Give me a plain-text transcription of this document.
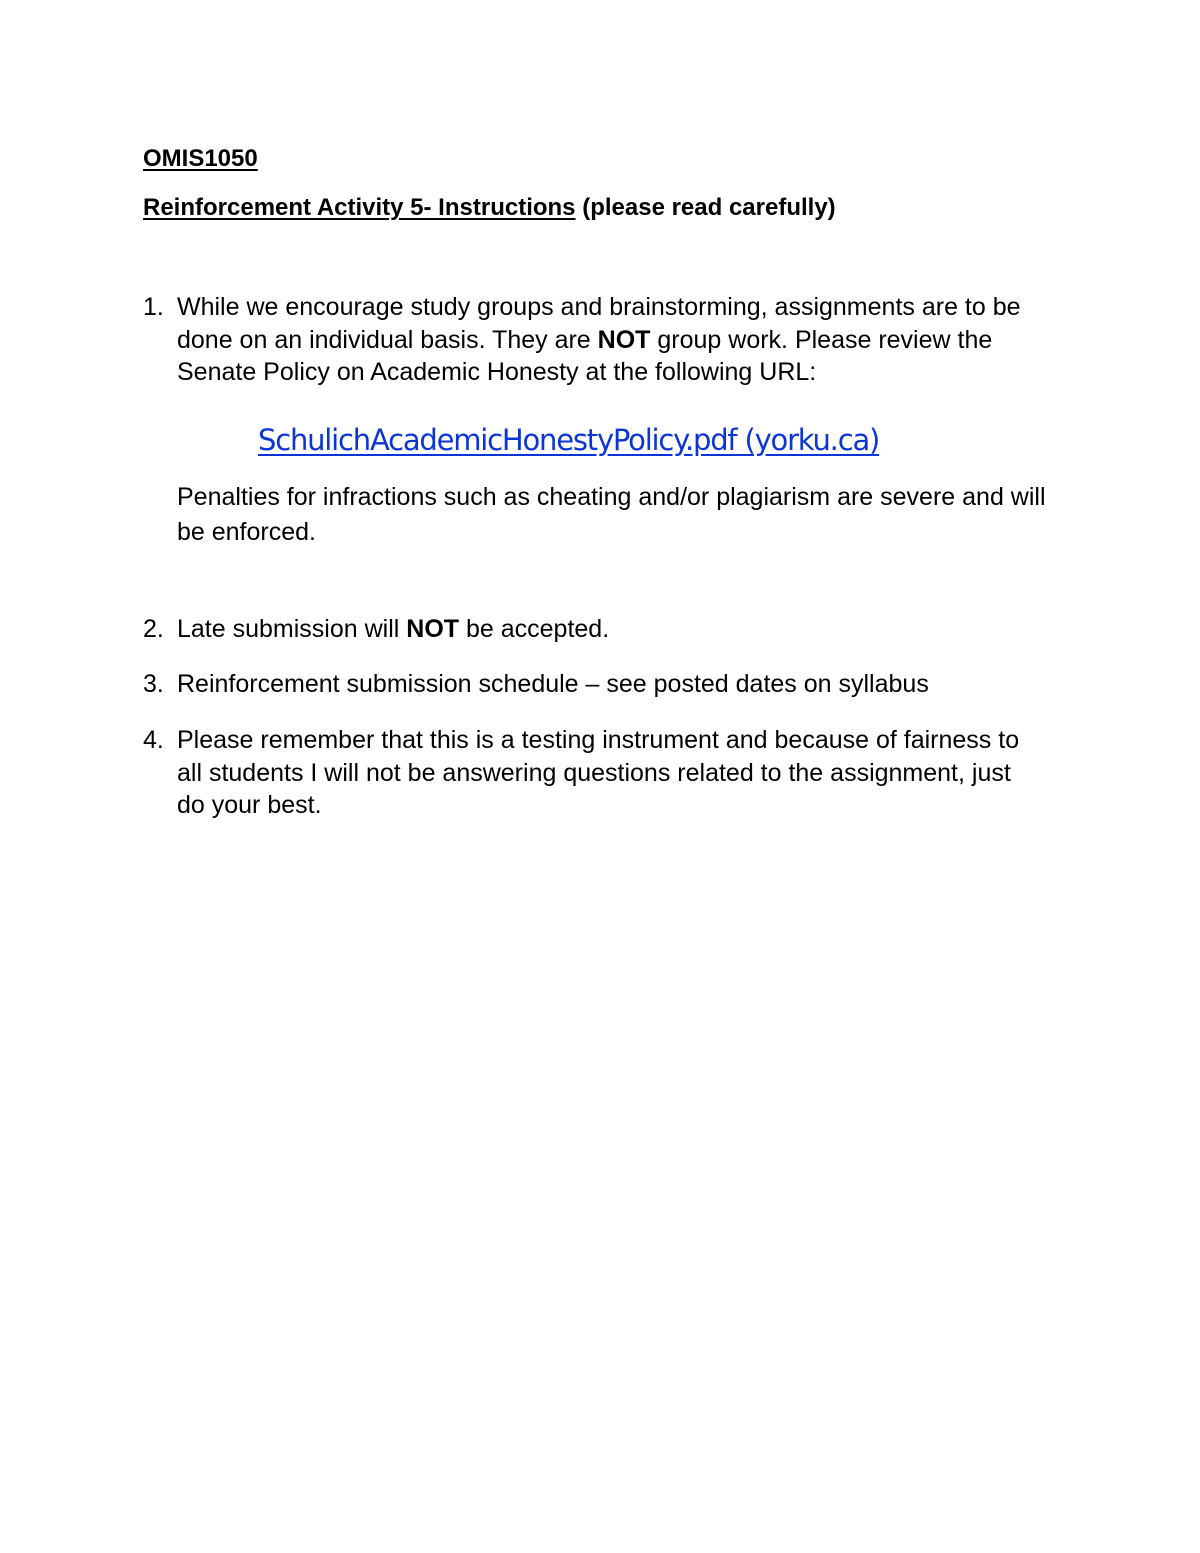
OMIS1050
Reinforcement Activity 5- Instructions (please read carefully)
1. While we encourage study groups and brainstorming, assignments are to be done on an individual basis. They are NOT group work. Please review the Senate Policy on Academic Honesty at the following URL:
SchulichAcademicHonestyPolicy.pdf (yorku.ca)
Penalties for infractions such as cheating and/or plagiarism are severe and will be enforced.
2. Late submission will NOT be accepted.
3. Reinforcement submission schedule – see posted dates on syllabus
4. Please remember that this is a testing instrument and because of fairness to all students I will not be answering questions related to the assignment, just do your best.
